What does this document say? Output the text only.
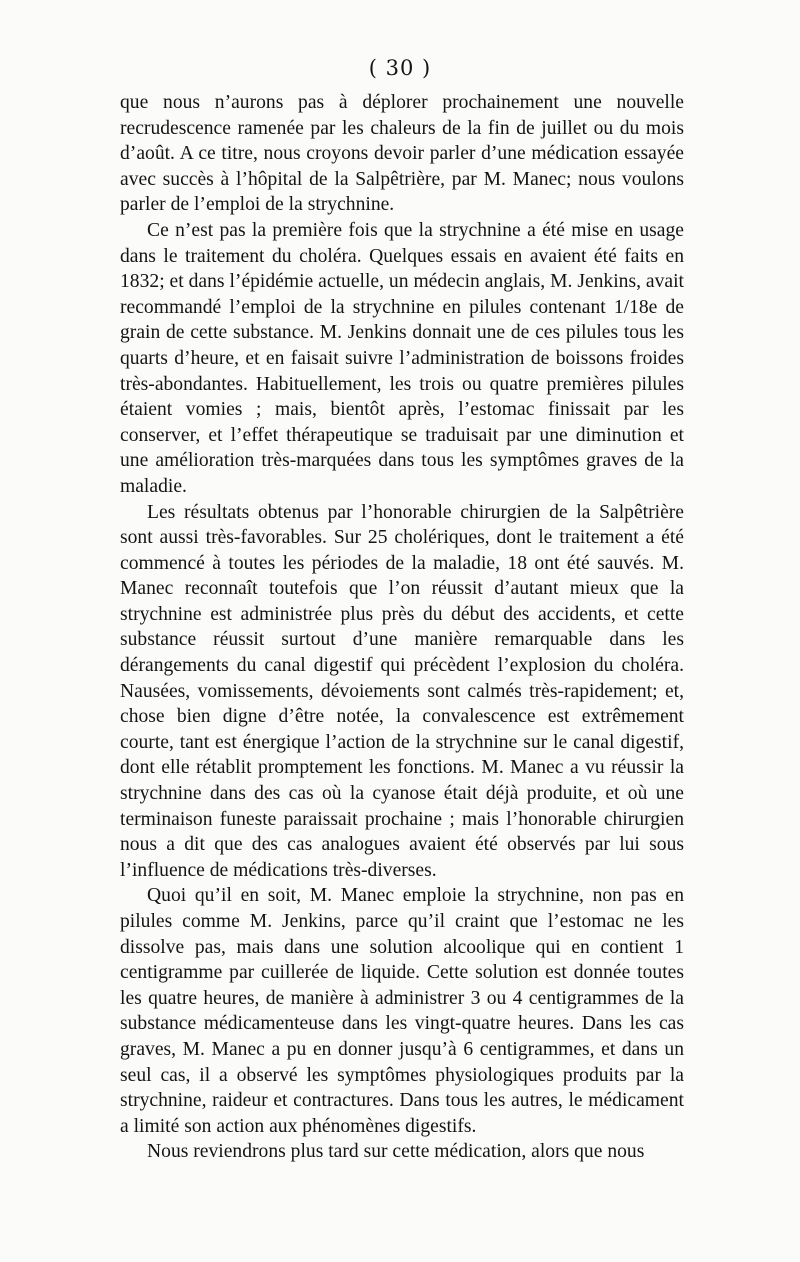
( 30 )

que nous n’aurons pas à déplorer prochainement une nouvelle recrudescence ramenée par les chaleurs de la fin de juillet ou du mois d’août. A ce titre, nous croyons devoir parler d’une médication essayée avec succès à l’hôpital de la Salpêtrière, par M. Manec; nous voulons parler de l’emploi de la strychnine.

Ce n’est pas la première fois que la strychnine a été mise en usage dans le traitement du choléra. Quelques essais en avaient été faits en 1832; et dans l’épidémie actuelle, un médecin anglais, M. Jenkins, avait recommandé l’emploi de la strychnine en pilules contenant 1/18e de grain de cette substance. M. Jenkins donnait une de ces pilules tous les quarts d’heure, et en faisait suivre l’administration de boissons froides très-abondantes. Habituellement, les trois ou quatre premières pilules étaient vomies ; mais, bientôt après, l’estomac finissait par les conserver, et l’effet thérapeutique se traduisait par une diminution et une amélioration très-marquées dans tous les symptômes graves de la maladie.

Les résultats obtenus par l’honorable chirurgien de la Salpêtrière sont aussi très-favorables. Sur 25 cholériques, dont le traitement a été commencé à toutes les périodes de la maladie, 18 ont été sauvés. M. Manec reconnaît toutefois que l’on réussit d’autant mieux que la strychnine est administrée plus près du début des accidents, et cette substance réussit surtout d’une manière remarquable dans les dérangements du canal digestif qui précèdent l’explosion du choléra. Nausées, vomissements, dévoiements sont calmés très-rapidement; et, chose bien digne d’être notée, la convalescence est extrêmement courte, tant est énergique l’action de la strychnine sur le canal digestif, dont elle rétablit promptement les fonctions. M. Manec a vu réussir la strychnine dans des cas où la cyanose était déjà produite, et où une terminaison funeste paraissait prochaine ; mais l’honorable chirurgien nous a dit que des cas analogues avaient été observés par lui sous l’influence de médications très-diverses.

Quoi qu’il en soit, M. Manec emploie la strychnine, non pas en pilules comme M. Jenkins, parce qu’il craint que l’estomac ne les dissolve pas, mais dans une solution alcoolique qui en contient 1 centigramme par cuillerée de liquide. Cette solution est donnée toutes les quatre heures, de manière à administrer 3 ou 4 centigrammes de la substance médicamenteuse dans les vingt-quatre heures. Dans les cas graves, M. Manec a pu en donner jusqu’à 6 centigrammes, et dans un seul cas, il a observé les symptômes physiologiques produits par la strychnine, raideur et contractures. Dans tous les autres, le médicament a limité son action aux phénomènes digestifs.

Nous reviendrons plus tard sur cette médication, alors que nous
